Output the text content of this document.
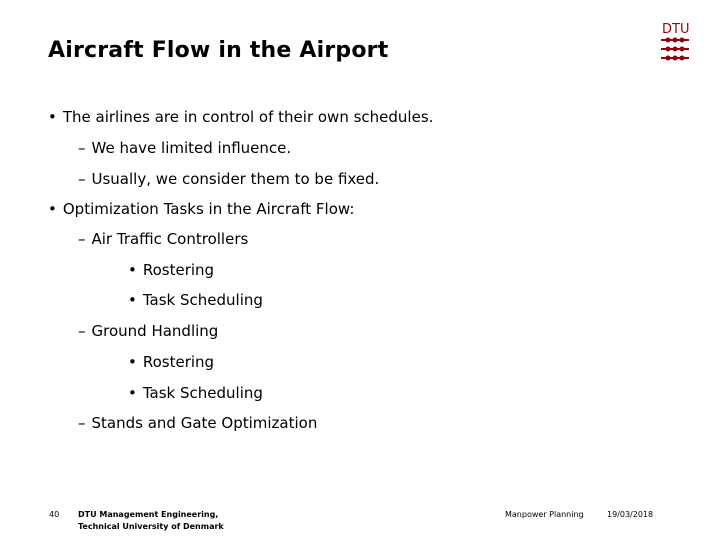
Aircraft Flow in the Airport
DTU
• The airlines are in control of their own schedules.
– We have limited influence.
– Usually, we consider them to be fixed.
• Optimization Tasks in the Aircraft Flow:
– Air Traffic Controllers
• Rostering
• Task Scheduling
– Ground Handling
• Rostering
• Task Scheduling
– Stands and Gate Optimization
40 DTU Management Engineering,
Technical University of Denmark
Manpower Planning	19/03/2018
